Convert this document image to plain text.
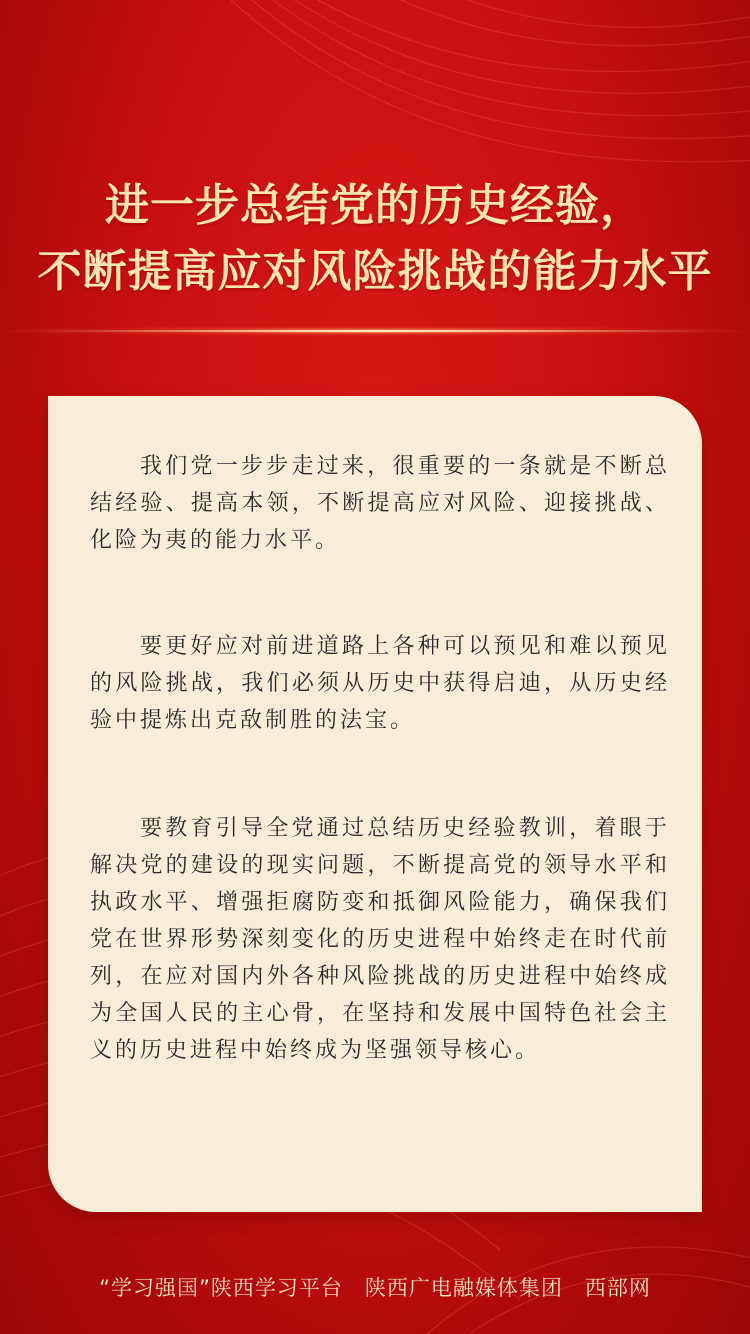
进一步总结党的历史经验，
不断提高应对风险挑战的能力水平

我们党一步步走过来，很重要的一条就是不断总结经验、提高本领，不断提高应对风险、迎接挑战、化险为夷的能力水平。

要更好应对前进道路上各种可以预见和难以预见的风险挑战，我们必须从历史中获得启迪，从历史经验中提炼出克敌制胜的法宝。

要教育引导全党通过总结历史经验教训，着眼于解决党的建设的现实问题，不断提高党的领导水平和执政水平、增强拒腐防变和抵御风险能力，确保我们党在世界形势深刻变化的历史进程中始终走在时代前列，在应对国内外各种风险挑战的历史进程中始终成为全国人民的主心骨，在坚持和发展中国特色社会主义的历史进程中始终成为坚强领导核心。

“学习强国”陕西学习平台　陕西广电融媒体集团　西部网
